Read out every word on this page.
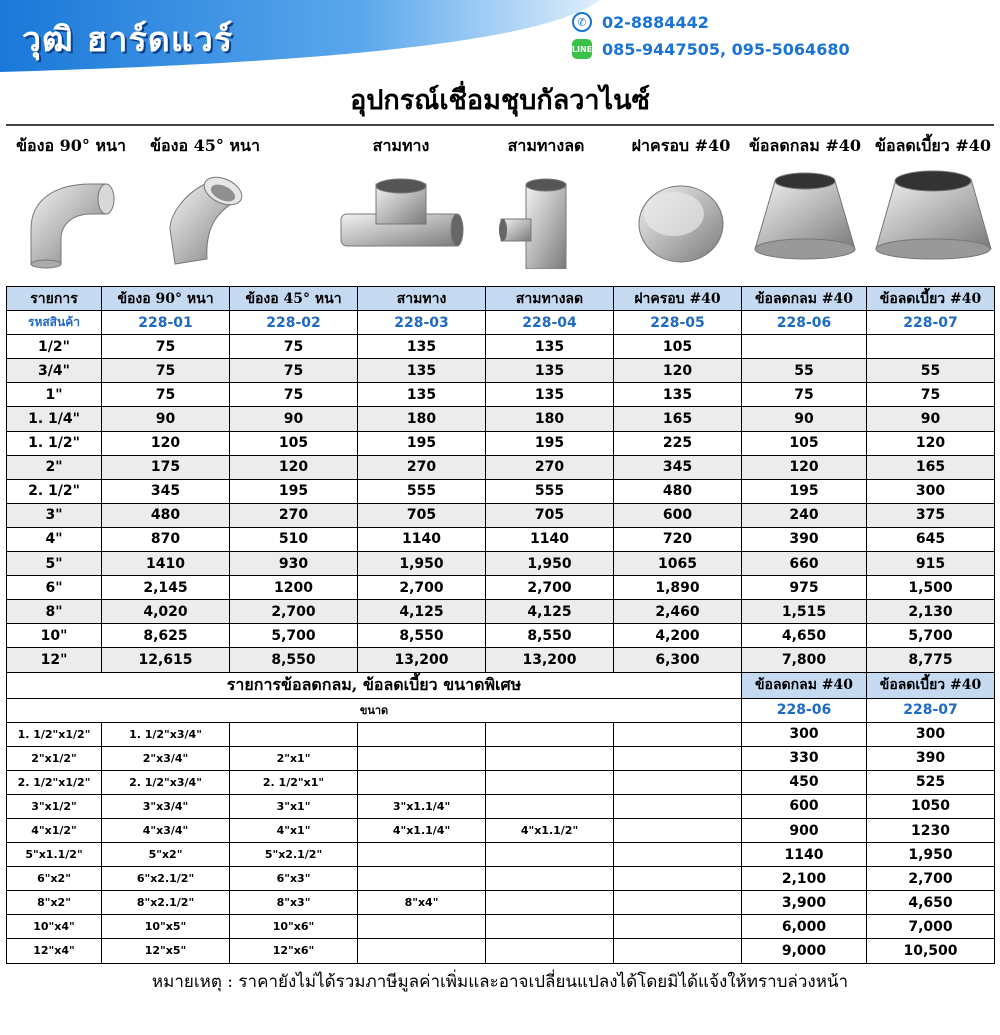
วุฒิ ฮาร์ดแวร์	✆ 02-8884442
LINE 085-9447505, 095-5064680
อุปกรณ์เชื่อมชุบกัลวาไนซ์
ข้องอ 90° หนา	ข้องอ 45° หนา	สามทาง	สามทางลด	ฝาครอบ #40	ข้อลดกลม #40 ข้อลดเบี้ยว #40
รายการ	ข้องอ 90° หนา	ข้องอ 45° หนา	สามทาง	สามทางลด	ฝาครอบ #40	ข้อลดกลม #40	ข้อลดเบี้ยว #40
รหสสินค้า	228-01	228-02	228-03	228-04	228-05	228-06	228-07
1/2"	75	75	135	135	105		
3/4"	75	75	135	135	120	55	55
1"	75	75	135	135	135	75	75
1. 1/4"	90	90	180	180	165	90	90
1. 1/2"	120	105	195	195	225	105	120
2"	175	120	270	270	345	120	165
2. 1/2"	345	195	555	555	480	195	300
3"	480	270	705	705	600	240	375
4"	870	510	1140	1140	720	390	645
5"	1410	930	1,950	1,950	1065	660	915
6"	2,145	1200	2,700	2,700	1,890	975	1,500
8"	4,020	2,700	4,125	4,125	2,460	1,515	2,130
10"	8,625	5,700	8,550	8,550	4,200	4,650	5,700
12"	12,615	8,550	13,200	13,200	6,300	7,800	8,775
รายการข้อลดกลม, ข้อลดเบี้ยว ขนาดพิเศษ						ข้อลดกลม #40	ข้อลดเบี้ยว #40
ขนาด						228-06	228-07
1. 1/2"x1/2"	1. 1/2"x3/4"					300	300
2"x1/2"	2"x3/4"	2"x1"				330	390
2. 1/2"x1/2"	2. 1/2"x3/4"	2. 1/2"x1"				450	525
3"x1/2"	3"x3/4"	3"x1"	3"x1.1/4"			600	1050
4"x1/2"	4"x3/4"	4"x1"	4"x1.1/4"	4"x1.1/2"		900	1230
5"x1.1/2"	5"x2"	5"x2.1/2"				1140	1,950
6"x2"	6"x2.1/2"	6"x3"				2,100	2,700
8"x2"	8"x2.1/2"	8"x3"	8"x4"			3,900	4,650
10"x4"	10"x5"	10"x6"				6,000	7,000
12"x4"	12"x5"	12"x6"				9,000	10,500
หมายเหตุ : ราคายังไม่ได้รวมภาษีมูลค่าเพิ่มและอาจเปลี่ยนแปลงได้โดยมิได้แจ้งให้ทราบล่วงหน้า
